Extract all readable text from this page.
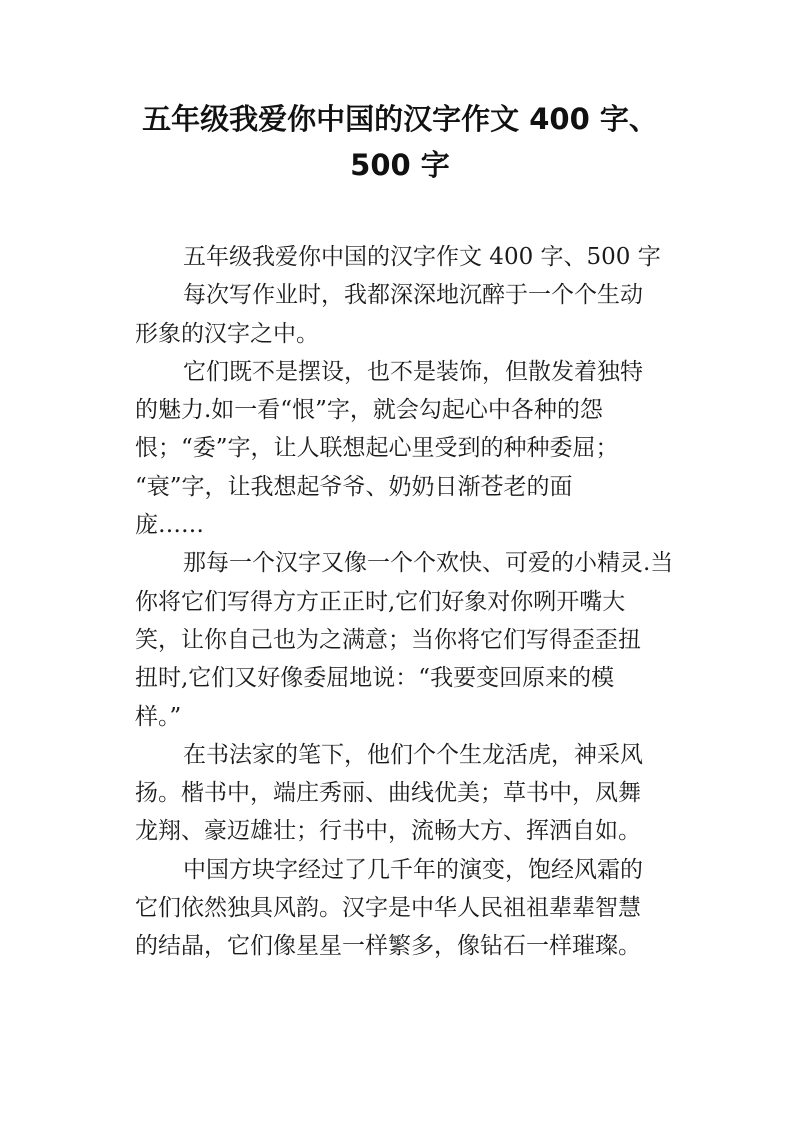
五年级我爱你中国的汉字作文 400 字、
500 字
五年级我爱你中国的汉字作文 400 字、500 字
每次写作业时，我都深深地沉醉于一个个生动
形象的汉字之中。
它们既不是摆设，也不是装饰，但散发着独特
的魅力.如一看“恨”字，就会勾起心中各种的怨
恨；“委”字，让人联想起心里受到的种种委屈；
“衰”字，让我想起爷爷、奶奶日渐苍老的面
庞……
那每一个汉字又像一个个欢快、可爱的小精灵.当
你将它们写得方方正正时,它们好象对你咧开嘴大
笑，让你自己也为之满意；当你将它们写得歪歪扭
扭时,它们又好像委屈地说：“我要变回原来的模
样。”
在书法家的笔下，他们个个生龙活虎，神采风
扬。楷书中，端庄秀丽、曲线优美；草书中，凤舞
龙翔、豪迈雄壮；行书中，流畅大方、挥洒自如。
中国方块字经过了几千年的演变，饱经风霜的
它们依然独具风韵。汉字是中华人民祖祖辈辈智慧
的结晶，它们像星星一样繁多，像钻石一样璀璨。
